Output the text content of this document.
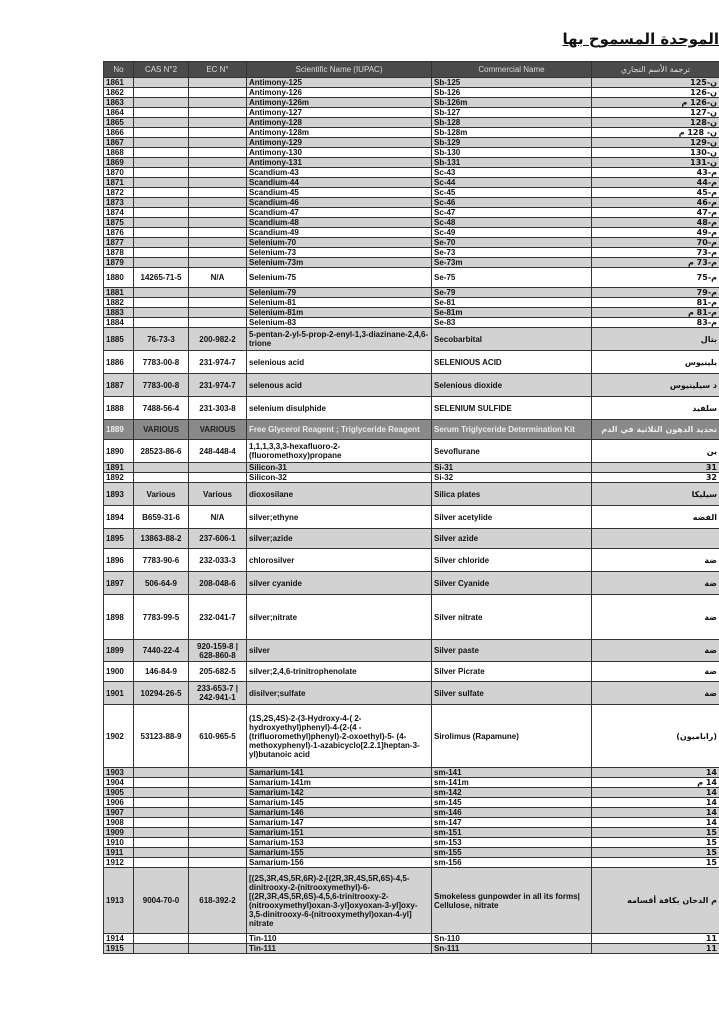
الموحدة المسموح بها
No	CAS N°2	EC N°	Scientific Name (IUPAC)	Commercial Name	ترجمة الأسم التجاري
1861			Antimony-125	Sb-125	ن-125
1862			Antimony-126	Sb-126	ن-126
1863			Antimony-126m	Sb-126m	ن-126 م
1864			Antimony-127	Sb-127	ن-127
1865			Antimony-128	Sb-128	ن-128
1866			Antimony-128m	Sb-128m	ن- 128 م
1867			Antimony-129	Sb-129	ن-129
1868			Antimony-130	Sb-130	ن-130
1869			Antimony-131	Sb-131	ن-131
1870			Scandium-43	Sc-43	م-43
1871			Scandium-44	Sc-44	م-44
1872			Scandium-45	Sc-45	م-45
1873			Scandium-46	Sc-46	م-46
1874			Scandium-47	Sc-47	م-47
1875			Scandium-48	Sc-48	م-48
1876			Scandium-49	Sc-49	م-49
1877			Selenium-70	Se-70	م-70
1878			Selenium-73	Se-73	م-73
1879			Selenium-73m	Se-73m	م-73 م
1880	14265-71-5	N/A	Selenium-75	Se-75	م-75
1881			Selenium-79	Se-79	م-79
1882			Selenium-81	Se-81	م-81
1883			Selenium-81m	Se-81m	م-81 م
1884			Selenium-83	Se-83	م-83
1885	76-73-3	200-982-2	5-pentan-2-yl-5-prop-2-enyl-1,3-diazinane-2,4,6-trione	Secobarbital	بتال
1886	7783-00-8	231-974-7	selenious acid	SELENIOUS ACID	يلينيوس
1887	7783-00-8	231-974-7	selenous acid	Selenious dioxide	د سيلينيوس
1888	7488-56-4	231-303-8	selenium disulphide	SELENIUM SULFIDE	سلفيد
1889	VARIOUS	VARIOUS	Free Glycerol Reagent ; Triglyceride Reagent	Serum Triglyceride Determination Kit	تحديد الدهون الثلاثية في الدم
1890	28523-86-6	248-448-4	1,1,1,3,3,3-hexafluoro-2-(fluoromethoxy)propane	Sevoflurane	ين
1891			Silicon-31	Si-31	31
1892			Silicon-32	Si-32	32
1893	Various	Various	dioxosilane	Silica plates	سيليكا
1894	B659-31-6	N/A	silver;ethyne	Silver acetylide	الفضه
1895	13863-88-2	237-606-1	silver;azide	Silver azide	
1896	7783-90-6	232-033-3	chlorosilver	Silver chloride	ضة
1897	506-64-9	208-048-6	silver cyanide	Silver Cyanide	ضة
1898	7783-99-5	232-041-7	silver;nitrate	Silver nitrate	ضة
1899	7440-22-4	920-159-8 | 628-860-8	silver	Silver paste	ضة
1900	146-84-9	205-682-5	silver;2,4,6-trinitrophenolate	Silver Picrate	ضة
1901	10294-26-5	233-653-7 | 242-941-1	disilver;sulfate	Silver sulfate	ضة
1902	53123-88-9	610-965-5	(1S,2S,4S)-2-(3-Hydroxy-4-( 2-hydroxyethyl)phenyl)-4-(2-(4 -(trifluoromethyl)phenyl)-2-oxoethyl)-5- (4-methoxyphenyl)-1-azabicyclo[2.2.1]heptan-3-yl)butanoic acid	Sirolimus (Rapamune)	(راباميون)
1903			Samarium-141	sm-141	14
1904			Samarium-141m	sm-141m	14 م
1905			Samarium-142	sm-142	14
1906			Samarium-145	sm-145	14
1907			Samarium-146	sm-146	14
1908			Samarium-147	sm-147	14
1909			Samarium-151	sm-151	15
1910			Samarium-153	sm-153	15
1911			Samarium-155	sm-155	15
1912			Samarium-156	sm-156	15
1913	9004-70-0	618-392-2	[(2S,3R,4S,5R,6R)-2-[(2R,3R,4S,5R,6S)-4,5-dinitrooxy-2-(nitrooxymethyl)-6-[(2R,3R,4S,5R,6S)-4,5,6-trinitrooxy-2-(nitrooxymethyl)oxan-3-yl]oxyoxan-3-yl]oxy-3,5-dinitrooxy-6-(nitrooxymethyl)oxan-4-yl] nitrate	Smokeless gunpowder in all its forms| Cellulose, nitrate	م الدخان بكافة أقسامه
1914			Tin-110	Sn-110	11
1915			Tin-111	Sn-111	11
